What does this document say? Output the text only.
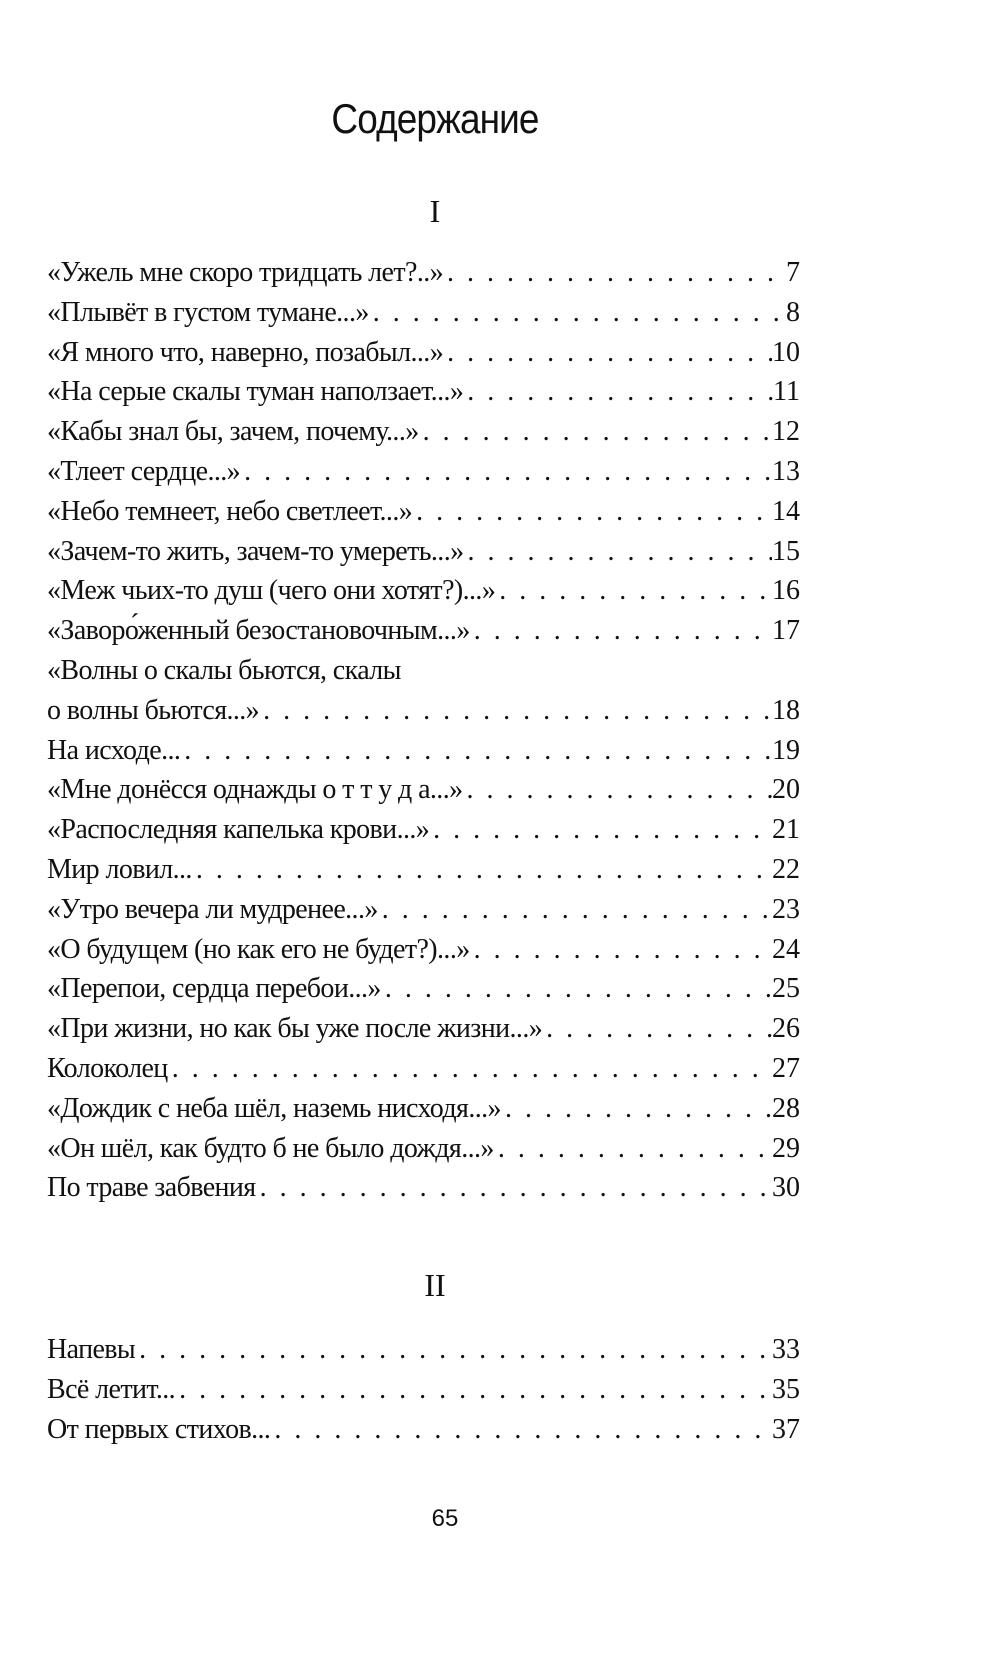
Содержание
I
«Ужель мне скоро тридцать лет?..» . . .	7
«Плывёт в густом тумане...» . . .	8
«Я много что, наверно, позабыл...» . . .	10
«На серые скалы туман наползает...» . . .	11
«Кабы знал бы, зачем, почему...» . . .	12
«Тлеет сердце...» . . .	13
«Небо темнеет, небо светлеет...» . . .	14
«Зачем-то жить, зачем-то умереть...» . . .	15
«Меж чьих-то душ (чего они хотят?)...» . . .	16
«Заворо́женный безостановочным...» . . .	17
«Волны о скалы бьются, скалы
о волны бьются...» . . .	18
На исходе... . . .	19
«Мне донёсся однажды о т т у д а...» . . .	20
«Распоследняя капелька крови...» . . .	21
Мир ловил... . . .	22
«Утро вечера ли мудренее...» . . .	23
«О будущем (но как его не будет?)...» . . .	24
«Перепои, сердца перебои...» . . .	25
«При жизни, но как бы уже после жизни...» . . .	26
Колоколец . . .	27
«Дождик с неба шёл, наземь нисходя...» . . .	28
«Он шёл, как будто б не было дождя...» . . .	29
По траве забвения . . .	30
II
Напевы . . .	33
Всё летит... . . .	35
От первых стихов... . . .	37
65
